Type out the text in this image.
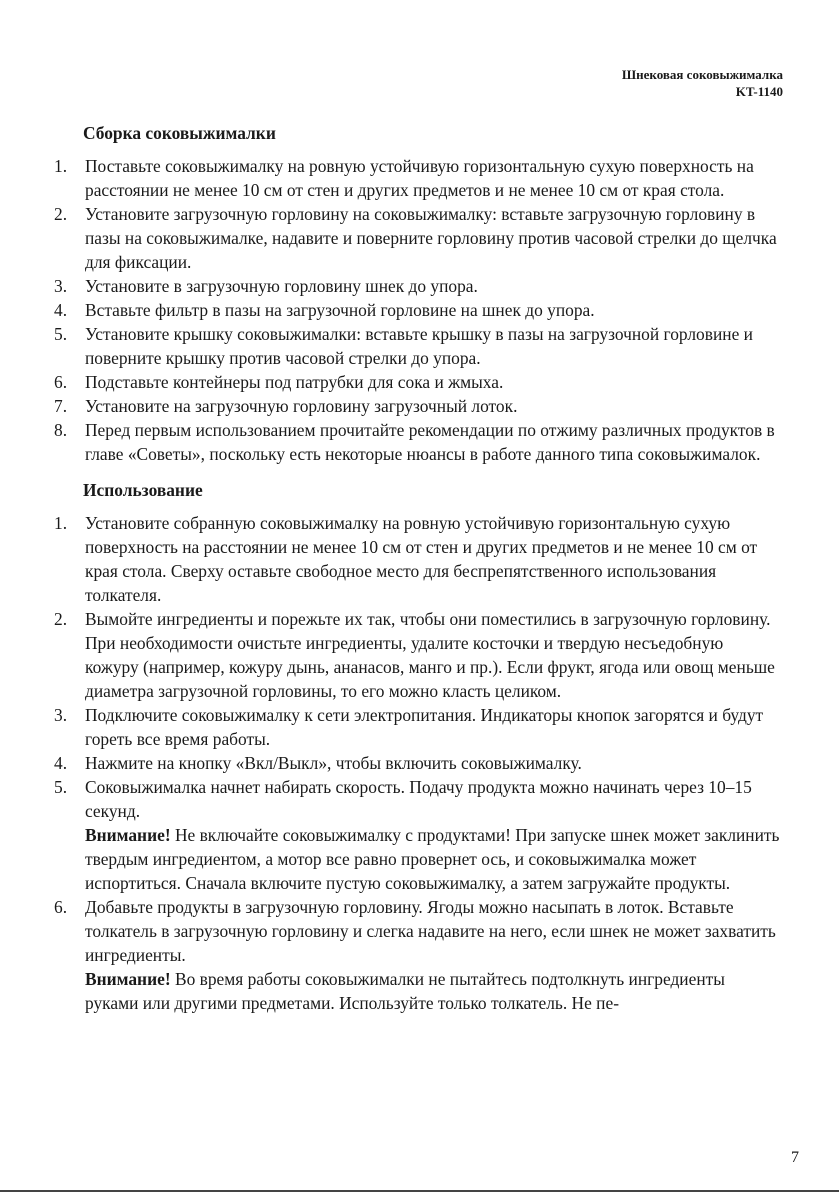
Шнековая соковыжималка
KT-1140
Сборка соковыжималки
1. Поставьте соковыжималку на ровную устойчивую горизонтальную сухую поверхность на расстоянии не менее 10 см от стен и других предметов и не менее 10 см от края стола.
2. Установите загрузочную горловину на соковыжималку: вставьте загрузочную горловину в пазы на соковыжималке, надавите и поверните горловину против часовой стрелки до щелчка для фиксации.
3. Установите в загрузочную горловину шнек до упора.
4. Вставьте фильтр в пазы на загрузочной горловине на шнек до упора.
5. Установите крышку соковыжималки: вставьте крышку в пазы на загрузочной горловине и поверните крышку против часовой стрелки до упора.
6. Подставьте контейнеры под патрубки для сока и жмыха.
7. Установите на загрузочную горловину загрузочный лоток.
8. Перед первым использованием прочитайте рекомендации по отжиму различных продуктов в главе «Советы», поскольку есть некоторые нюансы в работе данного типа соковыжималок.
Использование
1. Установите собранную соковыжималку на ровную устойчивую горизонтальную сухую поверхность на расстоянии не менее 10 см от стен и других предметов и не менее 10 см от края стола. Сверху оставьте свободное место для беспрепятственного использования толкателя.
2. Вымойте ингредиенты и порежьте их так, чтобы они поместились в загрузочную горловину. При необходимости очистьте ингредиенты, удалите косточки и твердую несъедобную кожуру (например, кожуру дынь, ананасов, манго и пр.). Если фрукт, ягода или овощ меньше диаметра загрузочной горловины, то его можно класть целиком.
3. Подключите соковыжималку к сети электропитания. Индикаторы кнопок загорятся и будут гореть все время работы.
4. Нажмите на кнопку «Вкл/Выкл», чтобы включить соковыжималку.
5. Соковыжималка начнет набирать скорость. Подачу продукта можно начинать через 10–15 секунд.
Внимание! Не включайте соковыжималку с продуктами! При запуске шнек может заклинить твердым ингредиентом, а мотор все равно провернет ось, и соковыжималка может испортиться. Сначала включите пустую соковыжималку, а затем загружайте продукты.
6. Добавьте продукты в загрузочную горловину. Ягоды можно насыпать в лоток. Вставьте толкатель в загрузочную горловину и слегка надавите на него, если шнек не может захватить ингредиенты.
Внимание! Во время работы соковыжималки не пытайтесь подтолкнуть ингредиенты руками или другими предметами. Используйте только толкатель. Не пе-
7
